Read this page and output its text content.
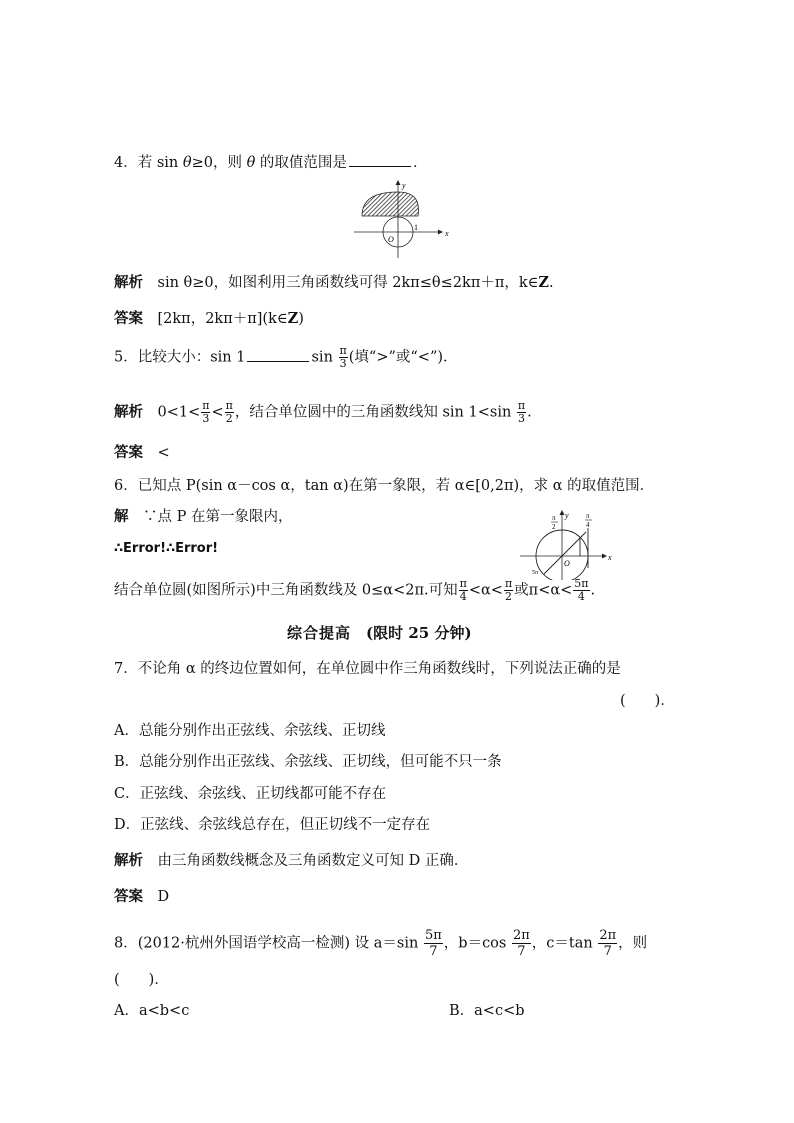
4．若 sin θ≥0，则 θ 的取值范围是	．
y
x
O
1
解析　 sin θ≥0，如图利用三角函数线可得 2kπ≤θ≤2kπ＋π，k∈Z.
答案　 [2kπ，2kπ＋π](k∈Z)
5．比较大小：sin 1	$\sin \frac{\pi}{3}$ (填“>”或“<”)．
解析　 $0<1< \frac{\pi}{3} < \frac{\pi}{2}$ ，结合单位圆中的三角函数线知 $\sin 1<\sin \frac{\pi}{3}$ .
答案　 <
6．已知点 P(sin α－cos α，tan α)在第一象限，若 α∈[0,2π)，求 α 的取值范围．
解　 ∵点 P 在第一象限内，
∴Error!∴Error!
y
x
O
π
2
π
4
5π
结合单位圆(如图所示)中三角函数线及 0≤α<2π.可知 $\frac{\pi}{4} <\alpha< \frac{\pi}{2}$ 或$\pi<\alpha< \frac{5\pi}{4}$ .
综合提高　 (限时 25 分钟)
7．不论角 α 的终边位置如何，在单位圆中作三角函数线时，下列说法正确的是
(　　)．
A．总能分别作出正弦线、余弦线、正切线
B．总能分别作出正弦线、余弦线、正切线，但可能不只一条
C．正弦线、余弦线、正切线都可能不存在
D．正弦线、余弦线总存在，但正切线不一定存在
解析　 由三角函数线概念及三角函数定义可知 D 正确．
答案　 D
8．(2012·杭州外国语学校高一检测) 设 $a=\sin \frac{5\pi}{7}$ ，$b=\cos \frac{2\pi}{7}$ ，$c=\tan \frac{2\pi}{7}$ ，则
(　　)．
A．a<b<c	B．a<c<b
